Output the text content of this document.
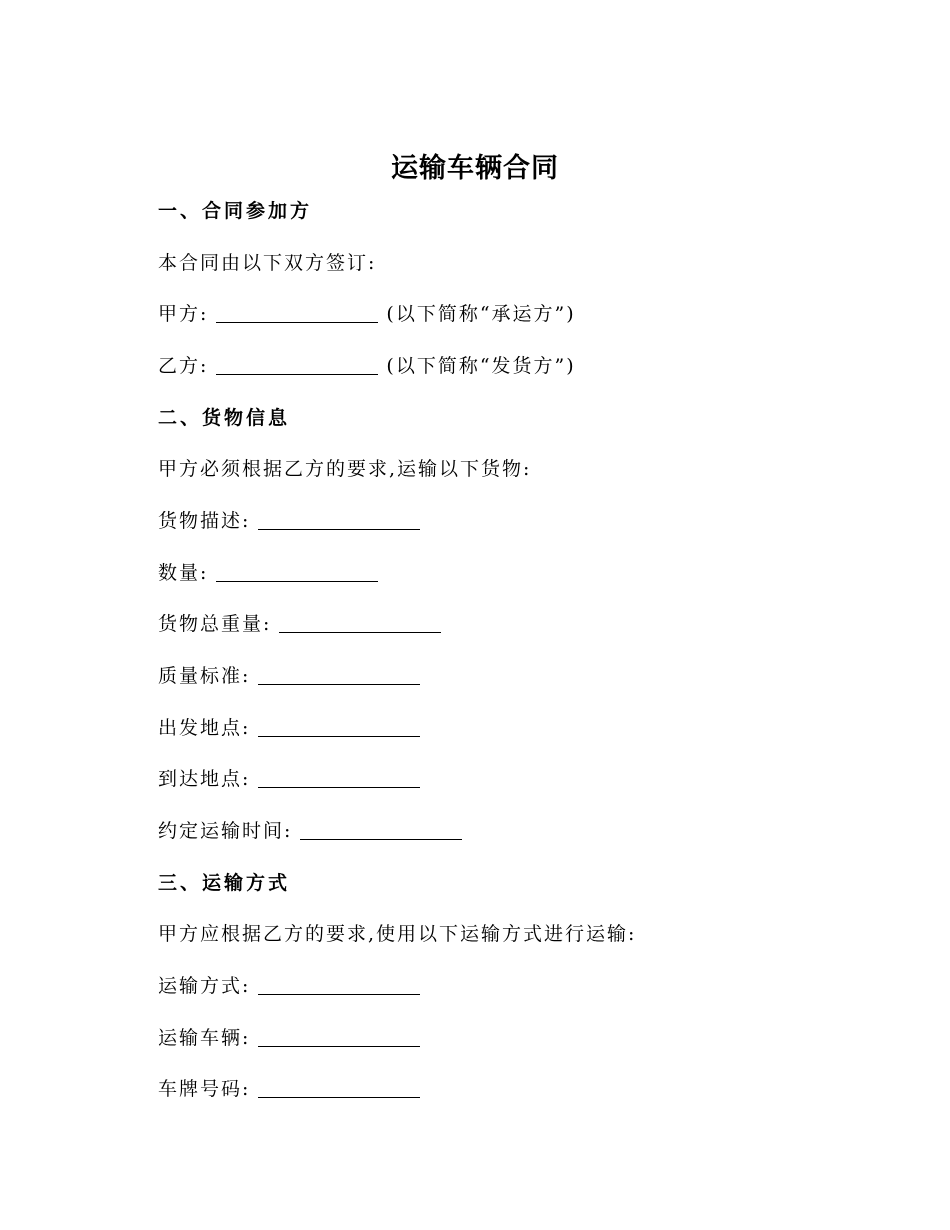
运输车辆合同
一、合同参加方
本合同由以下双方签订:
甲方:	(以下简称“承运方”)
乙方:	(以下简称“发货方”)
二、货物信息
甲方必须根据乙方的要求,运输以下货物:
货物描述:
数量:
货物总重量:
质量标准:
出发地点:
到达地点:
约定运输时间:
三、运输方式
甲方应根据乙方的要求,使用以下运输方式进行运输:
运输方式:
运输车辆:
车牌号码:
